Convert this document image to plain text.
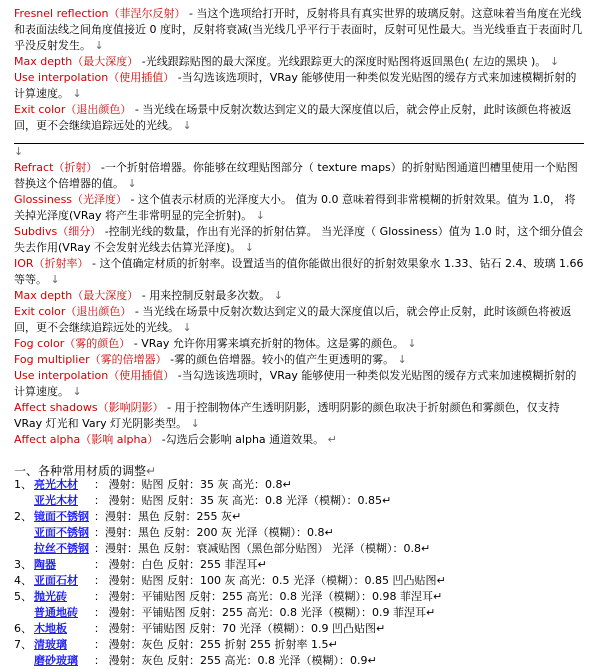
Fresnel reflection（菲涅尔反射） - 当这个选项给打开时，反射将具有真实世界的玻璃反射。这意味着当角度在光线和表面法线之间角度值接近 0 度时，反射将衰减(当光线几乎平行于表面时，反射可见性最大。当光线垂直于表面时几乎没反射发生。 ↓

Max depth（最大深度） -光线跟踪贴图的最大深度。光线跟踪更大的深度时贴图将返回黑色( 左边的黑块 )。 ↓

Use interpolation（使用插值） -当勾选该选项时，VRay 能够使用一种类似发光贴图的缓存方式来加速模糊折射的计算速度。 ↓

Exit color（退出颜色） - 当光线在场景中反射次数达到定义的最大深度值以后，就会停止反射，此时该颜色将被返回，更不会继续追踪远处的光线。 ↓

↓

Refract（折射） -一个折射倍增器。你能够在纹理贴图部分（ texture maps）的折射贴图通道凹槽里使用一个贴图替换这个倍增器的值。 ↓

Glossiness（光泽度） - 这个值表示材质的光泽度大小。 值为 0.0 意味着得到非常模糊的折射效果。值为 1.0， 将关掉光泽度(VRay 将产生非常明显的完全折射)。 ↓

Subdivs（细分） -控制光线的数量，作出有光泽的折射估算。 当光泽度（ Glossiness）值为 1.0 时，这个细分值会失去作用(VRay 不会发射光线去估算光泽度)。 ↓

IOR（折射率） - 这个值确定材质的折射率。设置适当的值你能做出很好的折射效果象水 1.33、钻石 2.4、玻璃 1.66 等等。 ↓

Max depth（最大深度） - 用来控制反射最多次数。 ↓

Exit color（退出颜色） - 当光线在场景中反射次数达到定义的最大深度值以后，就会停止反射，此时该颜色将被返回，更不会继续追踪远处的光线。 ↓

Fog color（雾的颜色） - VRay 允许你用雾来填充折射的物体。这是雾的颜色。 ↓

Fog multiplier（雾的倍增器） -雾的颜色倍增器。较小的值产生更透明的雾。 ↓

Use interpolation（使用插值） -当勾选该选项时，VRay 能够使用一种类似发光贴图的缓存方式来加速模糊折射的计算速度。 ↓

Affect shadows（影响阴影） - 用于控制物体产生透明阴影，透明阴影的颜色取决于折射颜色和雾颜色，仅支持 VRay 灯光和 Vary 灯光阴影类型。 ↓

Affect alpha（影响 alpha） -勾选后会影响 alpha 通道效果。 ↵

一、各种常用材质的调整↵
1、 亮光木材 ： 漫射：贴图 反射：35 灰 高光：0.8↵
亚光木材 ： 漫射：贴图 反射：35 灰 高光：0.8 光泽（模糊）：0.85↵
2、 镜面不锈钢 ：漫射：黑色 反射：255 灰↵
亚面不锈钢 ：漫射：黑色 反射：200 灰 光泽（模糊）：0.8↵
拉丝不锈钢 ：漫射：黑色 反射：衰减贴图（黑色部分贴图） 光泽（模糊）：0.8↵
3、 陶器	： 漫射：白色 反射：255 菲涅耳↵
4、 亚面石材 ： 漫射：贴图 反射：100 灰 高光：0.5 光泽（模糊）：0.85 凹凸贴图↵
5、 抛光砖 ： 漫射：平铺贴图 反射：255 高光：0.8 光泽（模糊）：0.98 菲涅耳↵
普通地砖 ： 漫射：平铺贴图 反射：255 高光：0.8 光泽（模糊）：0.9 菲涅耳↵
6、 木地板 ： 漫射：平铺贴图 反射：70 光泽（模糊）：0.9 凹凸贴图↵
7、 清玻璃 ： 漫射：灰色 反射：255 折射 255 折射率 1.5↵
磨砂玻璃 ： 漫射：灰色 反射：255 高光：0.8 光泽（模糊）：0.9↵
